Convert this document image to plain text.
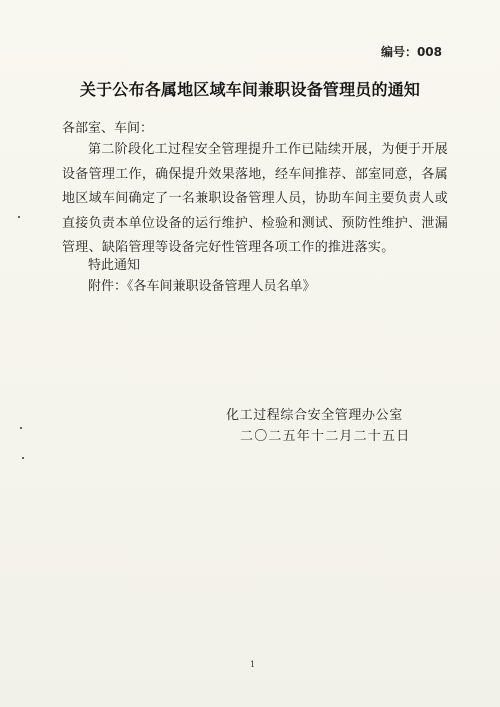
编号：008
关于公布各属地区域车间兼职设备管理员的通知
各部室、车间：
第二阶段化工过程安全管理提升工作已陆续开展，为便于开展设备管理工作，确保提升效果落地，经车间推荐、部室同意，各属地区域车间确定了一名兼职设备管理人员，协助车间主要负责人或直接负责本单位设备的运行维护、检验和测试、预防性维护、泄漏管理、缺陷管理等设备完好性管理各项工作的推进落实。
特此通知
附件：《各车间兼职设备管理人员名单》
化工过程综合安全管理办公室
二〇二五年十二月二十五日
1
